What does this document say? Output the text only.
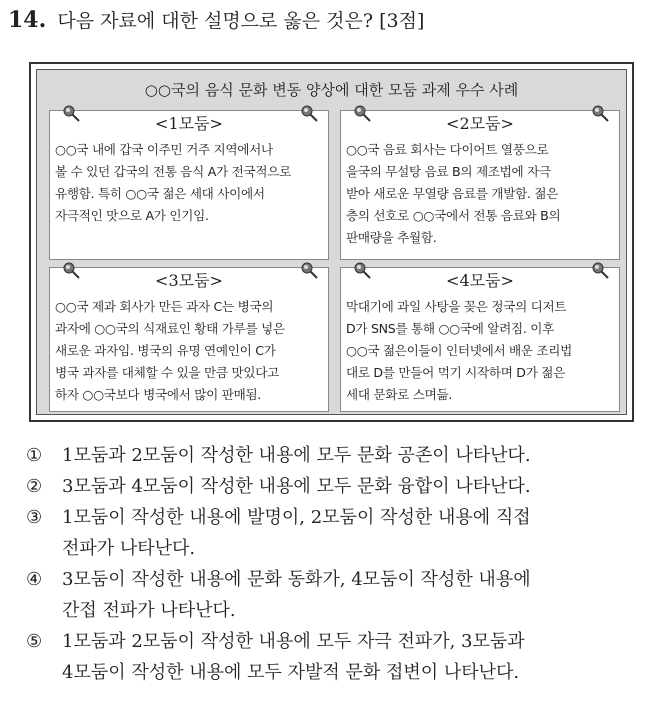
14. 다음 자료에 대한 설명으로 옳은 것은? [3점]
○○국의 음식 문화 변동 양상에 대한 모둠 과제 우수 사례
<1모둠>
○○국 내에 갑국 이주민 거주 지역에서나
볼 수 있던 갑국의 전통 음식 A가 전국적으로
유행함. 특히 ○○국 젊은 세대 사이에서
자극적인 맛으로 A가 인기임.
<2모둠>
○○국 음료 회사는 다이어트 열풍으로
을국의 무설탕 음료 B의 제조법에 자극
받아 새로운 무열량 음료를 개발함. 젊은
층의 선호로 ○○국에서 전통 음료와 B의
판매량을 추월함.
<3모둠>
○○국 제과 회사가 만든 과자 C는 병국의
과자에 ○○국의 식재료인 황태 가루를 넣은
새로운 과자임. 병국의 유명 연예인이 C가
병국 과자를 대체할 수 있을 만큼 맛있다고
하자 ○○국보다 병국에서 많이 판매됨.
<4모둠>
막대기에 과일 사탕을 꽂은 정국의 디저트
D가 SNS를 통해 ○○국에 알려짐. 이후
○○국 젊은이들이 인터넷에서 배운 조리법
대로 D를 만들어 먹기 시작하며 D가 젊은
세대 문화로 스며듦.
① 1모둠과 2모둠이 작성한 내용에 모두 문화 공존이 나타난다.
② 3모둠과 4모둠이 작성한 내용에 모두 문화 융합이 나타난다.
③ 1모둠이 작성한 내용에 발명이, 2모둠이 작성한 내용에 직접
전파가 나타난다.
④ 3모둠이 작성한 내용에 문화 동화가, 4모둠이 작성한 내용에
간접 전파가 나타난다.
⑤ 1모둠과 2모둠이 작성한 내용에 모두 자극 전파가, 3모둠과
4모둠이 작성한 내용에 모두 자발적 문화 접변이 나타난다.
